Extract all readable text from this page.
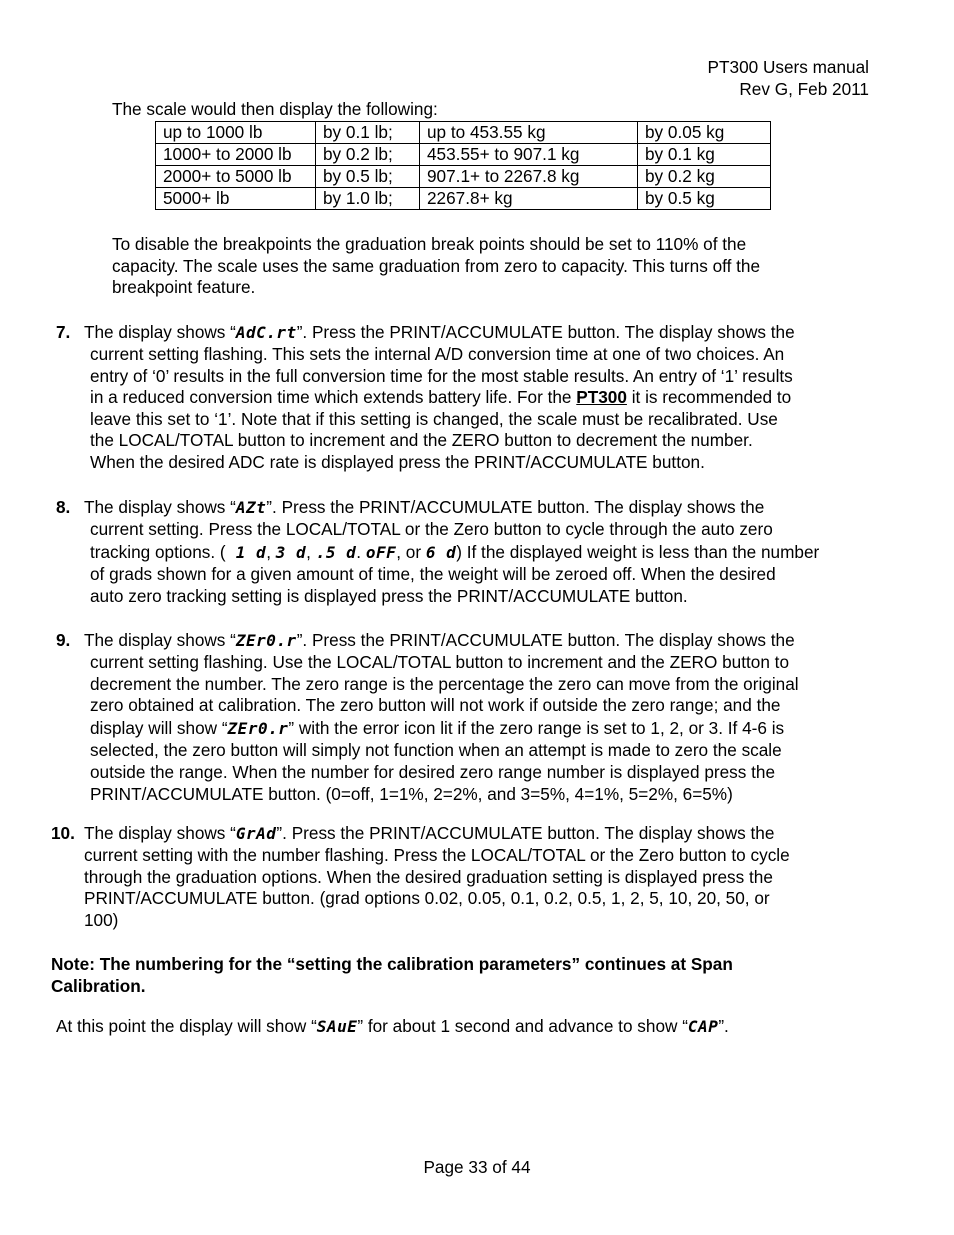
PT300 Users manual
Rev G, Feb 2011
The scale would then display the following:
up to 1000 lb	by 0.1 lb;	up to 453.55 kg	by 0.05 kg
1000+ to 2000 lb	by 0.2 lb;	453.55+ to 907.1 kg	by 0.1 kg
2000+ to 5000 lb	by 0.5 lb;	907.1+ to 2267.8 kg	by 0.2 kg
5000+ lb	by 1.0 lb;	2267.8+ kg	by 0.5 kg
To disable the breakpoints the graduation break points should be set to 110% of the
capacity. The scale uses the same graduation from zero to capacity. This turns off the
breakpoint feature.
7. The display shows “AdC.rt”. Press the PRINT/ACCUMULATE button. The display shows the
current setting flashing. This sets the internal A/D conversion time at one of two choices. An
entry of ‘0’ results in the full conversion time for the most stable results. An entry of ‘1’ results
in a reduced conversion time which extends battery life. For the PT300 it is recommended to
leave this set to ‘1’. Note that if this setting is changed, the scale must be recalibrated. Use
the LOCAL/TOTAL button to increment and the ZERO button to decrement the number.
When the desired ADC rate is displayed press the PRINT/ACCUMULATE button.
8. The display shows “AZt”. Press the PRINT/ACCUMULATE button. The display shows the
current setting. Press the LOCAL/TOTAL or the Zero button to cycle through the auto zero
tracking options. ( 1 d, 3 d, .5 d. oFF, or 6 d) If the displayed weight is less than the number
of grads shown for a given amount of time, the weight will be zeroed off. When the desired
auto zero tracking setting is displayed press the PRINT/ACCUMULATE button.
9. The display shows “ZEr0.r”. Press the PRINT/ACCUMULATE button. The display shows the
current setting flashing. Use the LOCAL/TOTAL button to increment and the ZERO button to
decrement the number. The zero range is the percentage the zero can move from the original
zero obtained at calibration. The zero button will not work if outside the zero range; and the
display will show “ZEr0.r” with the error icon lit if the zero range is set to 1, 2, or 3. If 4-6 is
selected, the zero button will simply not function when an attempt is made to zero the scale
outside the range. When the number for desired zero range number is displayed press the
PRINT/ACCUMULATE button. (0=off, 1=1%, 2=2%, and 3=5%, 4=1%, 5=2%, 6=5%)
10. The display shows “GrAd”. Press the PRINT/ACCUMULATE button. The display shows the
current setting with the number flashing. Press the LOCAL/TOTAL or the Zero button to cycle
through the graduation options. When the desired graduation setting is displayed press the
PRINT/ACCUMULATE button. (grad options 0.02, 0.05, 0.1, 0.2, 0.5, 1, 2, 5, 10, 20, 50, or
100)
Note: The numbering for the “setting the calibration parameters” continues at Span
Calibration.
At this point the display will show “SAuE” for about 1 second and advance to show “CAP”.
Page 33 of 44
